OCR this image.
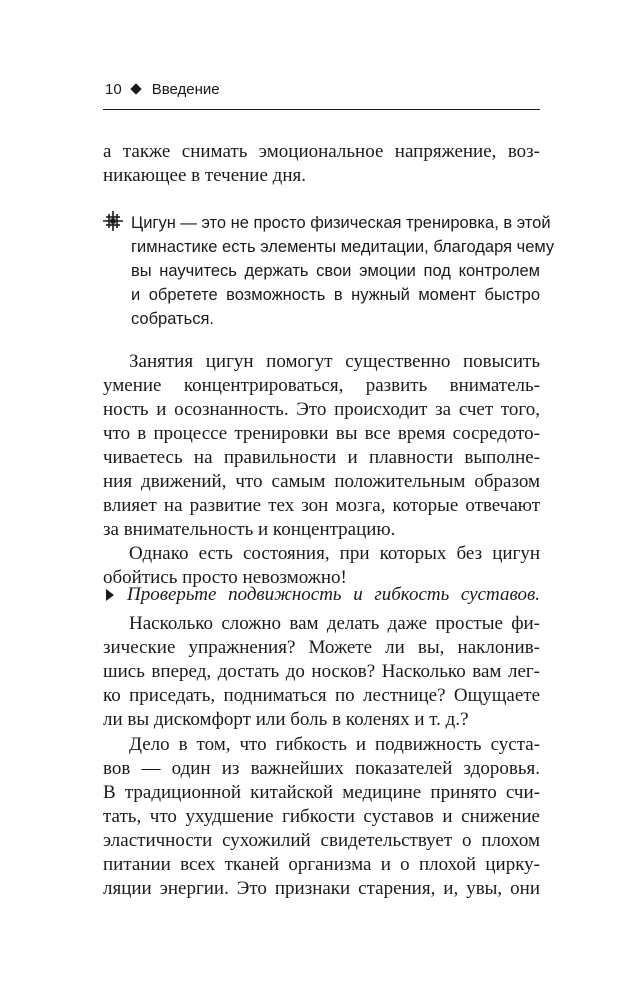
10 Введение
а также снимать эмоциональное напряжение, воз-
никающее в течение дня.
Цигун — это не просто физическая тренировка, в этой
гимнастике есть элементы медитации, благодаря чему
вы научитесь держать свои эмоции под контролем
и обретете возможность в нужный момент быстро
собраться.
Занятия цигун помогут существенно повысить
умение концентрироваться, развить вниматель-
ность и осознанность. Это происходит за счет того,
что в процессе тренировки вы все время сосредото-
чиваетесь на правильности и плавности выполне-
ния движений, что самым положительным образом
влияет на развитие тех зон мозга, которые отвечают
за внимательность и концентрацию.
Однако есть состояния, при которых без цигун
обойтись просто невозможно!
Проверьте подвижность и гибкость суставов.
Насколько сложно вам делать даже простые фи-
зические упражнения? Можете ли вы, наклонив-
шись вперед, достать до носков? Насколько вам лег-
ко приседать, подниматься по лестнице? Ощущаете
ли вы дискомфорт или боль в коленях и т. д.?
Дело в том, что гибкость и подвижность суста-
вов — один из важнейших показателей здоровья.
В традиционной китайской медицине принято счи-
тать, что ухудшение гибкости суставов и снижение
эластичности сухожилий свидетельствует о плохом
питании всех тканей организма и о плохой цирку-
ляции энергии. Это признаки старения, и, увы, они
